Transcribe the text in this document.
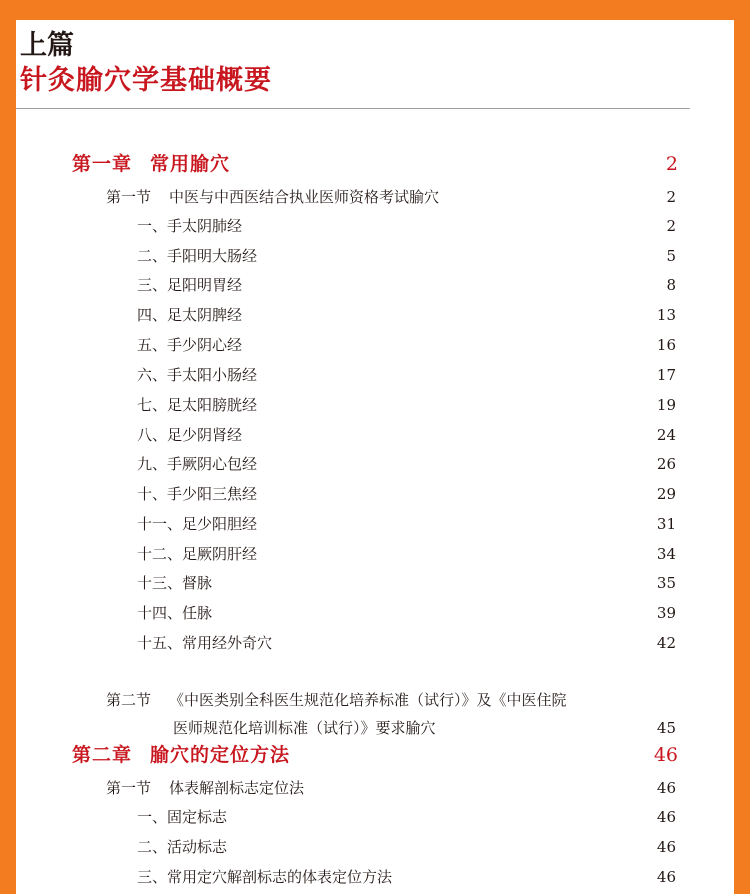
上篇
针灸腧穴学基础概要
第一章 常用腧穴	2
第一节 中医与中西医结合执业医师资格考试腧穴	2
一、手太阴肺经	2
二、手阳明大肠经	5
三、足阳明胃经	8
四、足太阴脾经	13
五、手少阴心经	16
六、手太阳小肠经	17
七、足太阳膀胱经	19
八、足少阴肾经	24
九、手厥阴心包经	26
十、手少阳三焦经	29
十一、足少阳胆经	31
十二、足厥阴肝经	34
十三、督脉	35
十四、任脉	39
十五、常用经外奇穴	42
第二节 《中医类别全科医生规范化培养标准（试行）》及《中医住院
医师规范化培训标准（试行）》要求腧穴	45
第二章 腧穴的定位方法	46
第一节 体表解剖标志定位法	46
一、固定标志	46
二、活动标志	46
三、常用定穴解剖标志的体表定位方法	46
